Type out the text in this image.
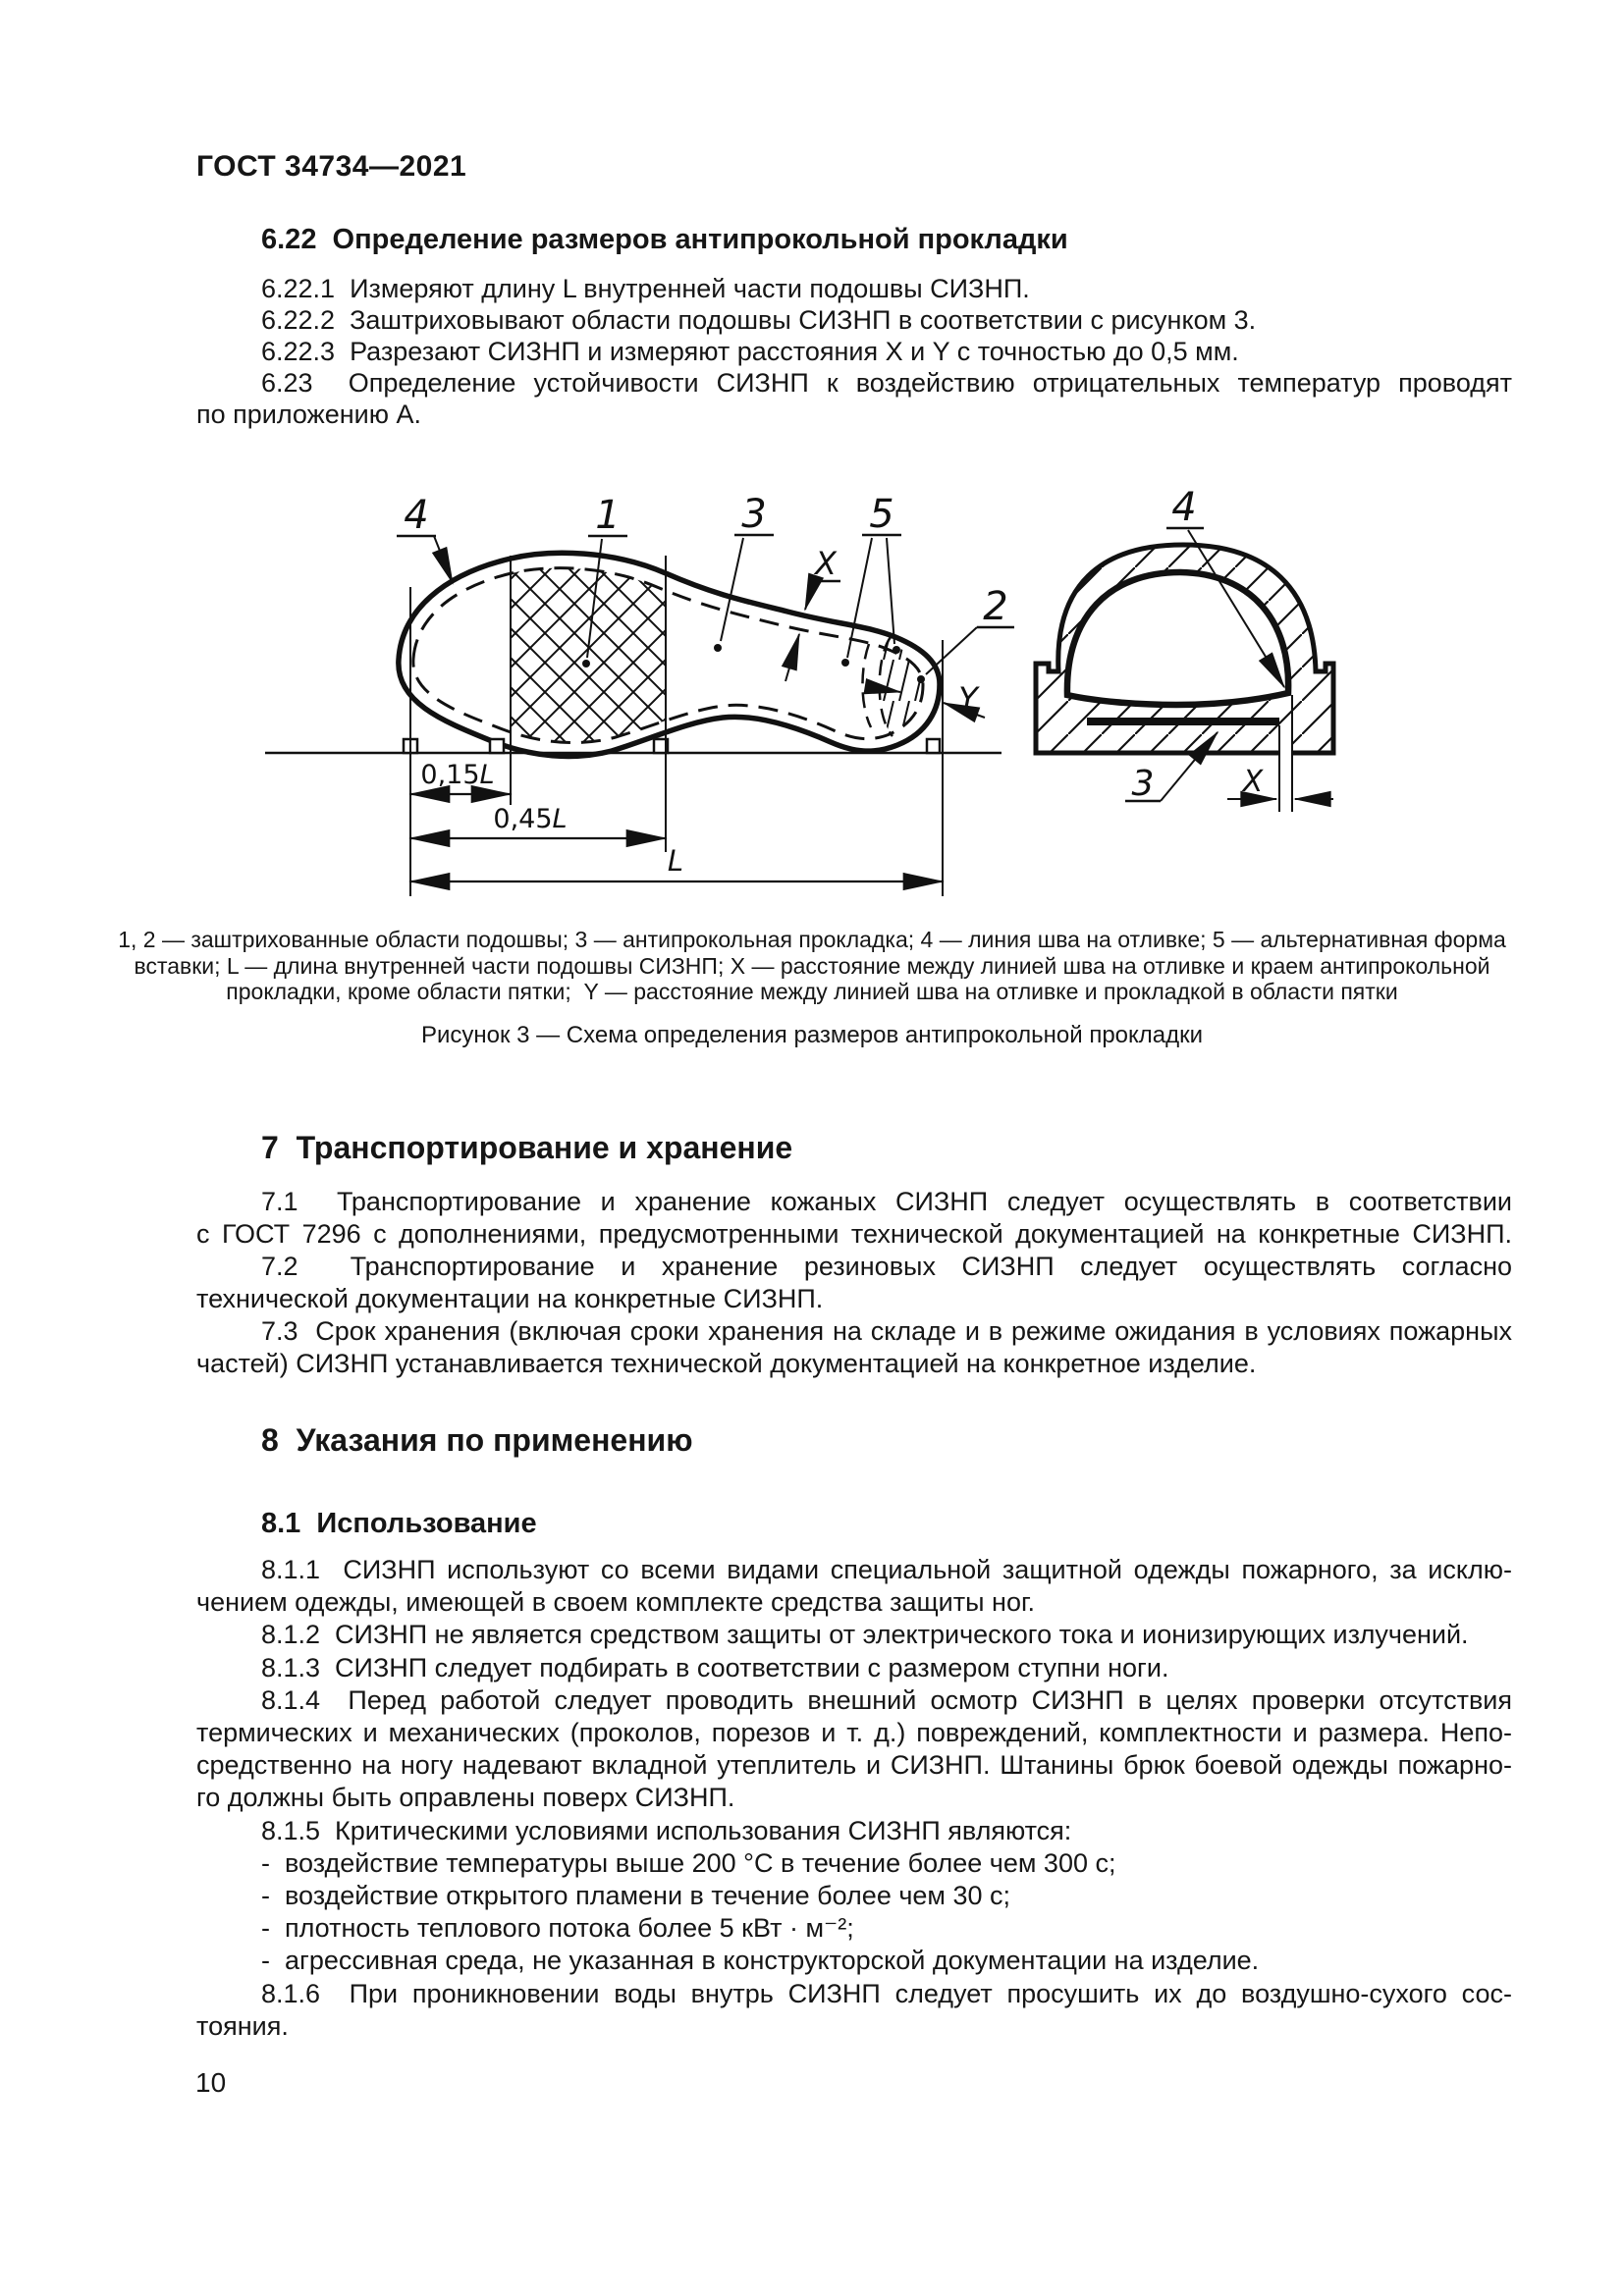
ГОСТ 34734—2021
6.22  Определение размеров антипрокольной прокладки
6.22.1  Измеряют длину L внутренней части подошвы СИЗНП.
6.22.2  Заштриховывают области подошвы СИЗНП в соответствии с рисунком 3.
6.22.3  Разрезают СИЗНП и измеряют расстояния X и Y с точностью до 0,5 мм.
6.23  Определение устойчивости СИЗНП к воздействию отрицательных температур проводят
по приложению А.
0,15L
0,45L
L
4	1	3	5
2
X
Y
4
3	X
1, 2 — заштрихованные области подошвы; 3 — антипрокольная прокладка; 4 — линия шва на отливке; 5 — альтернативная форма
вставки; L — длина внутренней части подошвы СИЗНП; X — расстояние между линией шва на отливке и краем антипрокольной
прокладки, кроме области пятки;  Y — расстояние между линией шва на отливке и прокладкой в области пятки
Рисунок 3 — Схема определения размеров антипрокольной прокладки
7  Транспортирование и хранение
7.1  Транспортирование и хранение кожаных СИЗНП следует осуществлять в соответствии
с ГОСТ 7296 с дополнениями, предусмотренными технической документацией на конкретные СИЗНП.
7.2  Транспортирование и хранение резиновых СИЗНП следует осуществлять согласно
технической документации на конкретные СИЗНП.
7.3  Срок хранения (включая сроки хранения на складе и в режиме ожидания в условиях пожарных
частей) СИЗНП устанавливается технической документацией на конкретное изделие.
8  Указания по применению
8.1  Использование
8.1.1  СИЗНП используют со всеми видами специальной защитной одежды пожарного, за исклю-
чением одежды, имеющей в своем комплекте средства защиты ног.
8.1.2  СИЗНП не является средством защиты от электрического тока и ионизирующих излучений.
8.1.3  СИЗНП следует подбирать в соответствии с размером ступни ноги.
8.1.4  Перед работой следует проводить внешний осмотр СИЗНП в целях проверки отсутствия
термических и механических (проколов, порезов и т. д.) повреждений, комплектности и размера. Непо-
средственно на ногу надевают вкладной утеплитель и СИЗНП. Штанины брюк боевой одежды пожарно-
го должны быть оправлены поверх СИЗНП.
8.1.5  Критическими условиями использования СИЗНП являются:
-  воздействие температуры выше 200 °С в течение более чем 300 с;
-  воздействие открытого пламени в течение более чем 30 с;
-  плотность теплового потока более 5 кВт · м⁻²;
-  агрессивная среда, не указанная в конструкторской документации на изделие.
8.1.6  При проникновении воды внутрь СИЗНП следует просушить их до воздушно-сухого сос-
тояния.
10
